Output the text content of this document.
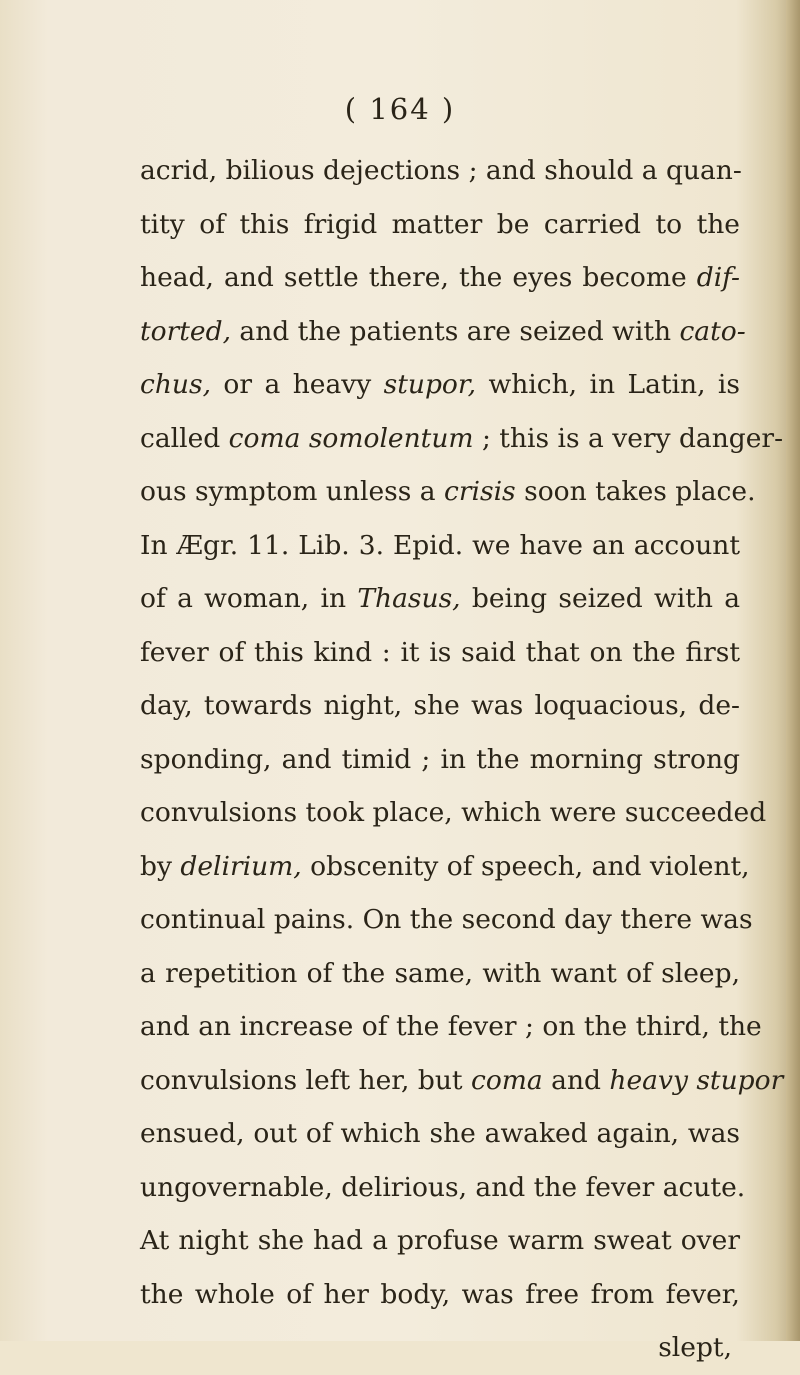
( 164 )
acrid, bilious dejections ; and should a quan-
tity of this frigid matter be carried to the
head, and settle there, the eyes become dif-
torted, and the patients are seized with cato-
chus, or a heavy stupor, which, in Latin, is
called coma somolentum ; this is a very danger-
ous symptom unless a crisis soon takes place.
In Ægr. 11. Lib. 3. Epid. we have an account
of a woman, in Thasus, being seized with a
fever of this kind : it is said that on the first
day, towards night, she was loquacious, de-
sponding, and timid ; in the morning strong
convulsions took place, which were succeeded
by delirium, obscenity of speech, and violent,
continual pains. On the second day there was
a repetition of the same, with want of sleep,
and an increase of the fever ; on the third, the
convulsions left her, but coma and heavy stupor
ensued, out of which she awaked again, was
ungovernable, delirious, and the fever acute.
At night she had a profuse warm sweat over
the whole of her body, was free from fever,
slept,
